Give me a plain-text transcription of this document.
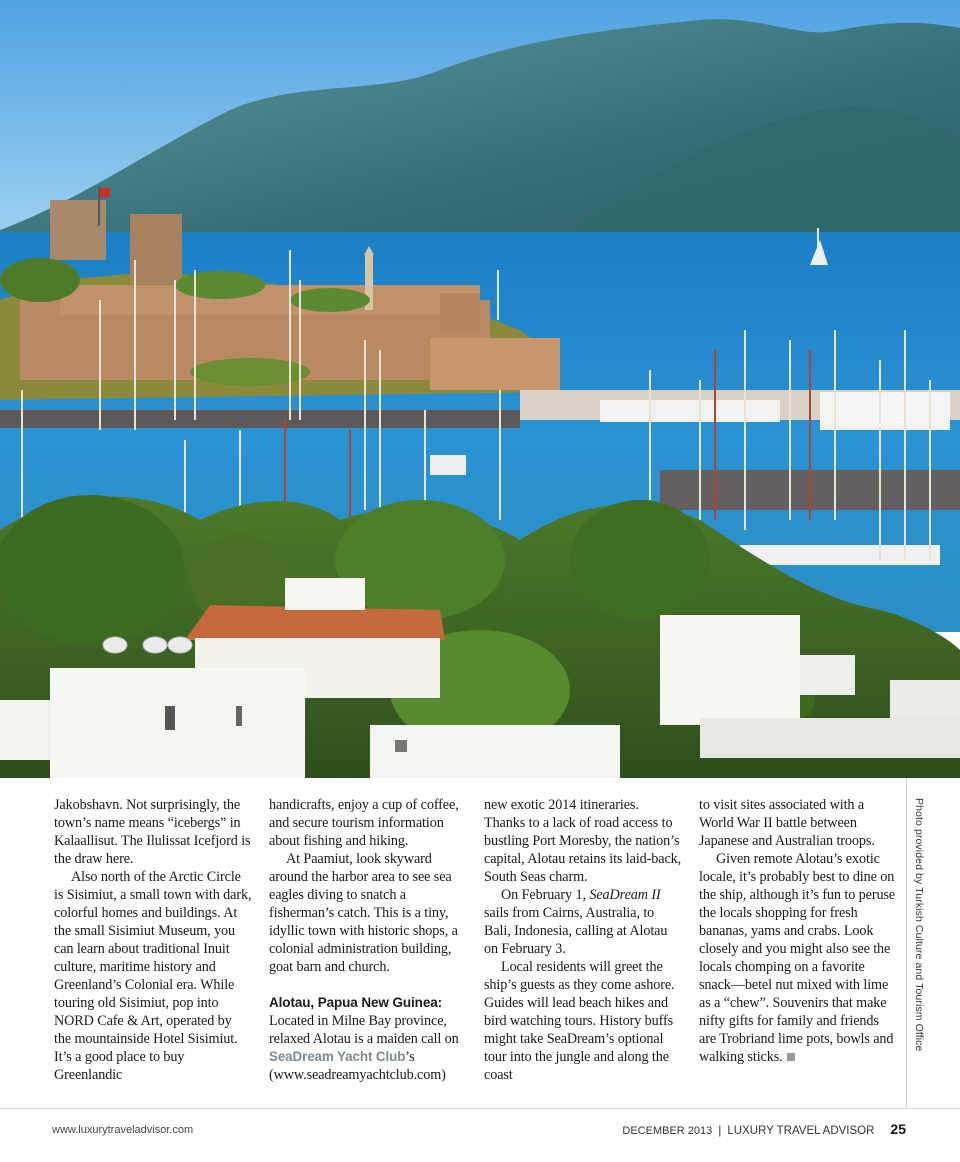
Jakobshavn. Not surprisingly, the town’s name means “icebergs” in Kalaallisut. The Ilulissat Icefjord is the draw here.

Also north of the Arctic Circle is Sisimiut, a small town with dark, colorful homes and buildings. At the small Sisimiut Museum, you can learn about traditional Inuit culture, maritime history and Greenland’s Colonial era. While touring old Sisimiut, pop into NORD Cafe & Art, operated by the mountainside Hotel Sisimiut. It’s a good place to buy Greenlandic

handicrafts, enjoy a cup of coffee, and secure tourism information about fishing and hiking.

At Paamiut, look skyward around the harbor area to see sea eagles diving to snatch a fisherman’s catch. This is a tiny, idyllic town with historic shops, a colonial administration building, goat barn and church.

Alotau, Papua New Guinea: Located in Milne Bay province, relaxed Alotau is a maiden call on SeaDream Yacht Club’s (www.seadreamyachtclub.com)

new exotic 2014 itineraries. Thanks to a lack of road access to bustling Port Moresby, the nation’s capital, Alotau retains its laid-back, South Seas charm.

On February 1, SeaDream II sails from Cairns, Australia, to Bali, Indonesia, calling at Alotau on February 3.

Local residents will greet the ship’s guests as they come ashore. Guides will lead beach hikes and bird watching tours. History buffs might take SeaDream’s optional tour into the jungle and along the coast

to visit sites associated with a World War II battle between Japanese and Australian troops.

Given remote Alotau’s exotic locale, it’s probably best to dine on the ship, although it’s fun to peruse the locals shopping for fresh bananas, yams and crabs. Look closely and you might also see the locals chomping on a favorite snack—betel nut mixed with lime as a “chew”. Souvenirs that make nifty gifts for family and friends are Trobriand lime pots, bowls and walking sticks.

Photo provided by Turkish Culture and Tourism Office
www.luxurytraveladvisor.com	DECEMBER 2013 | LUXURY TRAVEL ADVISOR 25
